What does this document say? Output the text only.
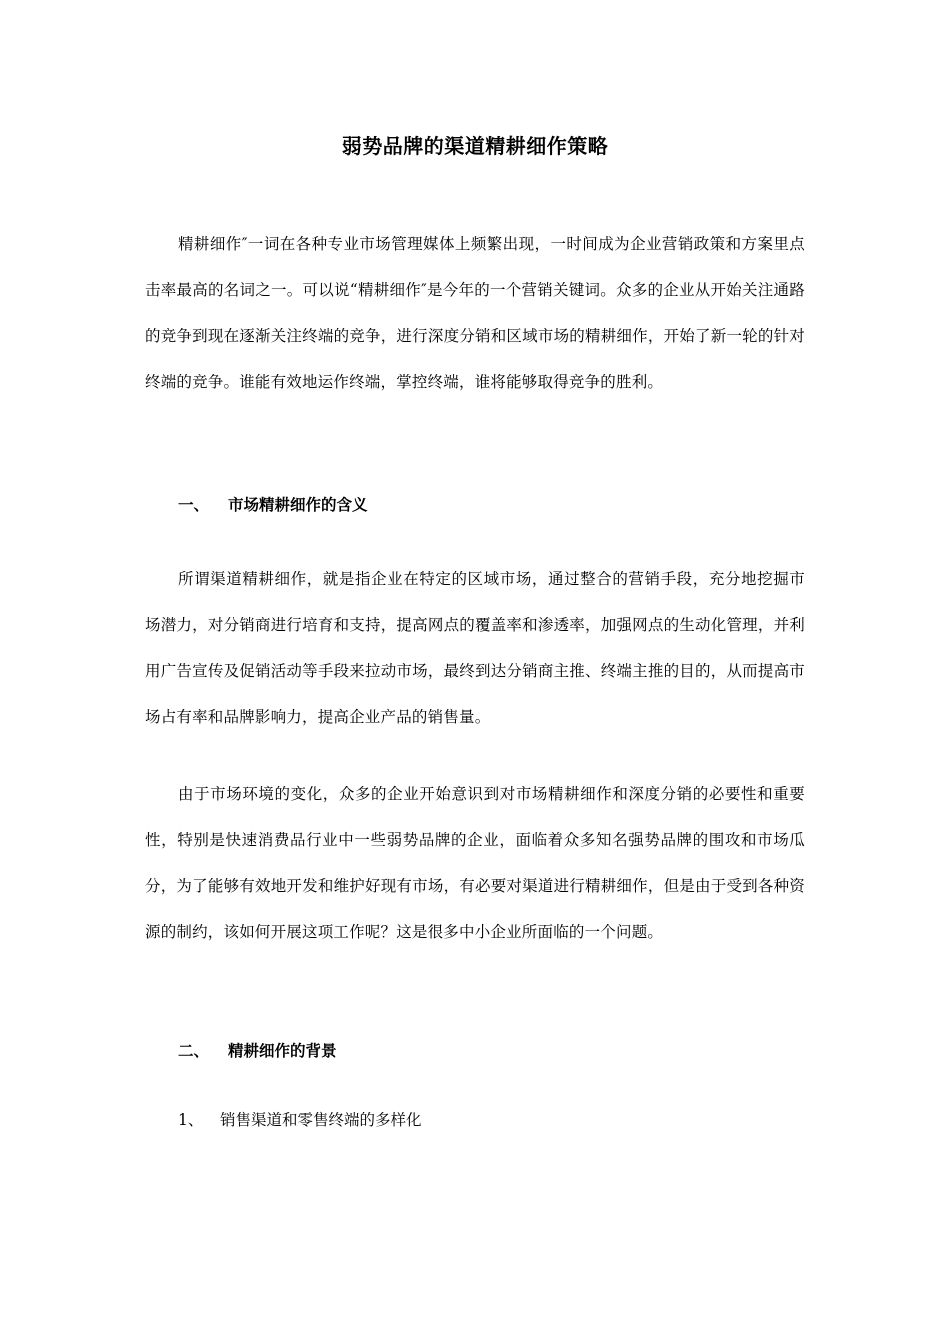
弱势品牌的渠道精耕细作策略

精耕细作″一词在各种专业市场管理媒体上频繁出现，一时间成为企业营销政策和方案里点击率最高的名词之一。可以说“精耕细作″是今年的一个营销关键词。众多的企业从开始关注通路的竞争到现在逐渐关注终端的竞争，进行深度分销和区域市场的精耕细作，开始了新一轮的针对终端的竞争。谁能有效地运作终端，掌控终端，谁将能够取得竞争的胜利。

一、 市场精耕细作的含义

所谓渠道精耕细作，就是指企业在特定的区域市场，通过整合的营销手段，充分地挖掘市场潜力，对分销商进行培育和支持，提高网点的覆盖率和渗透率，加强网点的生动化管理，并利用广告宣传及促销活动等手段来拉动市场，最终到达分销商主推、终端主推的目的，从而提高市场占有率和品牌影响力，提高企业产品的销售量。

由于市场环境的变化，众多的企业开始意识到对市场精耕细作和深度分销的必要性和重要性，特别是快速消费品行业中一些弱势品牌的企业，面临着众多知名强势品牌的围攻和市场瓜分，为了能够有效地开发和维护好现有市场，有必要对渠道进行精耕细作，但是由于受到各种资源的制约，该如何开展这项工作呢？这是很多中小企业所面临的一个问题。

二、 精耕细作的背景
1、 销售渠道和零售终端的多样化
